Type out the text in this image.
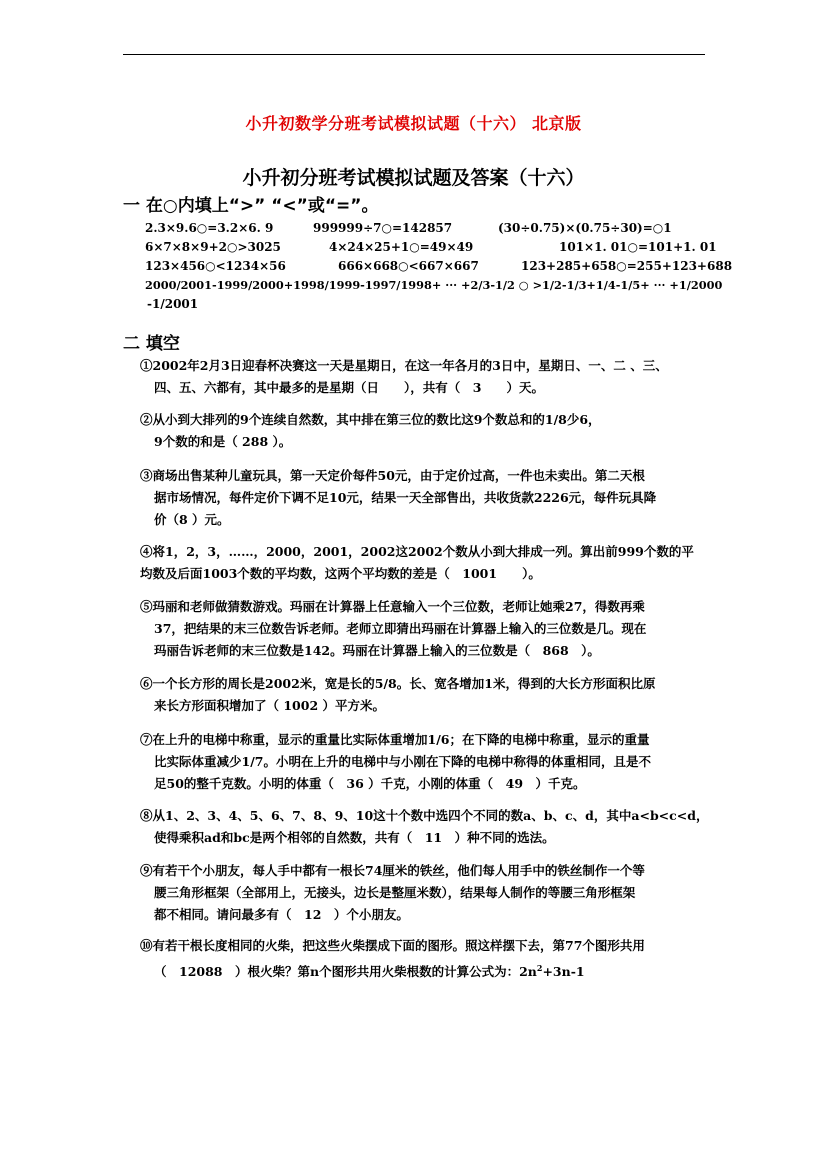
小升初数学分班考试模拟试题（十六） 北京版
小升初分班考试模拟试题及答案（十六）
一 在○内填上“>” “<”或“=”。
2.3×9.6○=3.2×6. 9	999999÷7○=142857	(30÷0.75)×(0.75÷30)=○1
6×7×8×9+2○>3025	4×24×25+1○=49×49	101×1. 01○=101+1. 01
123×456○<1234×56	666×668○<667×667	123+285+658○=255+123+688
2000/2001-1999/2000+1998/1999-1997/1998+ ··· +2/3-1/2 ○ >1/2-1/3+1/4-1/5+ ··· +1/2000
-1/2001
二 填空
①2002年2月3日迎春杯决赛这一天是星期日，在这一年各月的3日中，星期日、一、二 、三、

四、五、六都有，其中最多的是星期（日　　），共有（　3　　）天。
②从小到大排列的9个连续自然数，其中排在第三位的数比这9个数总和的1/8少6，

9个数的和是（ 288 ）。
③商场出售某种儿童玩具，第一天定价每件50元，由于定价过高，一件也未卖出。第二天根

据市场情况，每件定价下调不足10元，结果一天全部售出，共收货款2226元，每件玩具降
价（8 ）元。
④将1，2，3，……，2000，2001，2002这2002个数从小到大排成一列。算出前999个数的平
均数及后面1003个数的平均数，这两个平均数的差是（　1001　　）。
⑤玛丽和老师做猜数游戏。玛丽在计算器上任意输入一个三位数，老师让她乘27，得数再乘

37，把结果的末三位数告诉老师。老师立即猜出玛丽在计算器上输入的三位数是几。现在
玛丽告诉老师的末三位数是142。玛丽在计算器上输入的三位数是（　868　）。
⑥一个长方形的周长是2002米，宽是长的5/8。长、宽各增加1米，得到的大长方形面积比原

来长方形面积增加了（ 1002 ）平方米。
⑦在上升的电梯中称重，显示的重量比实际体重增加1/6；在下降的电梯中称重，显示的重量

比实际体重减少1/7。小明在上升的电梯中与小刚在下降的电梯中称得的体重相同，且是不
足50的整千克数。小明的体重（　36 ）千克，小刚的体重（　49　）千克。
⑧从1、2、3、4、5、6、7、8、9、10这十个数中选四个不同的数a、b、c、d，其中a<b<c<d，

使得乘积ad和bc是两个相邻的自然数，共有（　11　）种不同的选法。
⑨有若干个小朋友，每人手中都有一根长74厘米的铁丝，他们每人用手中的铁丝制作一个等

腰三角形框架（全部用上，无接头，边长是整厘米数），结果每人制作的等腰三角形框架
都不相同。请问最多有（　12　）个小朋友。
⑩有若干根长度相同的火柴，把这些火柴摆成下面的图形。照这样摆下去，第77个图形共用

（　12088　）根火柴？第n个图形共用火柴根数的计算公式为：$2n^2+3n-1$
